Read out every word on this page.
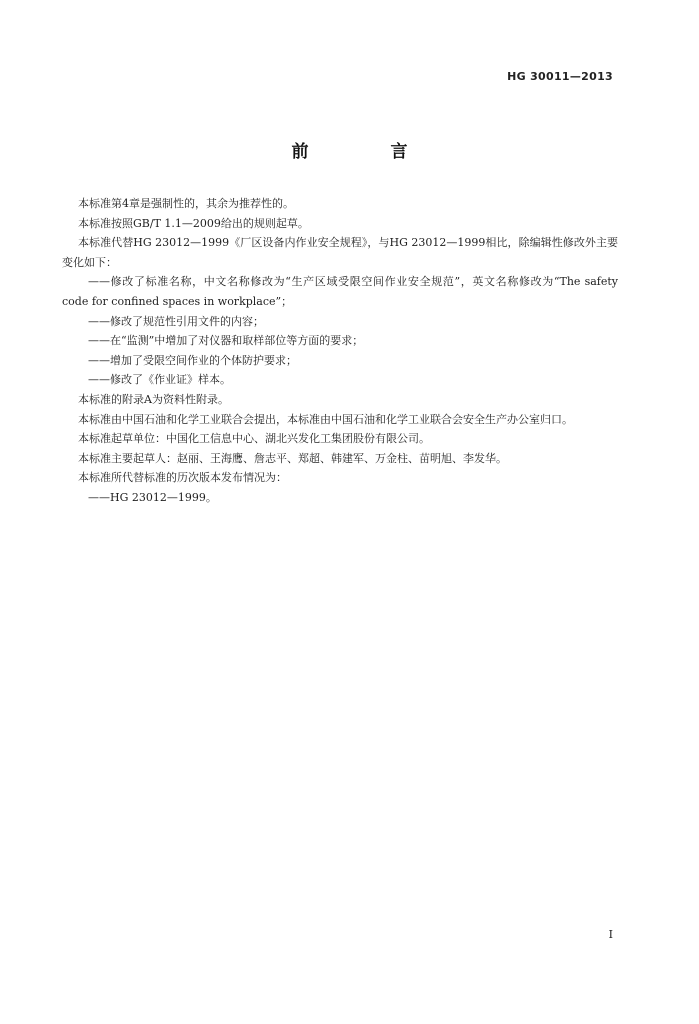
HG 30011—2013
前 言

本标准第4章是强制性的，其余为推荐性的。

本标准按照GB/T 1.1—2009给出的规则起草。

本标准代替HG 23012—1999《厂区设备内作业安全规程》，与HG 23012—1999相比，除编辑性修改外主要变化如下：

——修改了标准名称，中文名称修改为“生产区域受限空间作业安全规范”，英文名称修改为“The safety code for confined spaces in workplace”；

——修改了规范性引用文件的内容；

——在“监测”中增加了对仪器和取样部位等方面的要求；

——增加了受限空间作业的个体防护要求；

——修改了《作业证》样本。

本标准的附录A为资料性附录。

本标准由中国石油和化学工业联合会提出，本标准由中国石油和化学工业联合会安全生产办公室归口。

本标准起草单位：中国化工信息中心、湖北兴发化工集团股份有限公司。

本标准主要起草人：赵丽、王海鹰、詹志平、郑超、韩建军、万金柱、苗明旭、李发华。

本标准所代替标准的历次版本发布情况为：

——HG 23012—1999。

I
